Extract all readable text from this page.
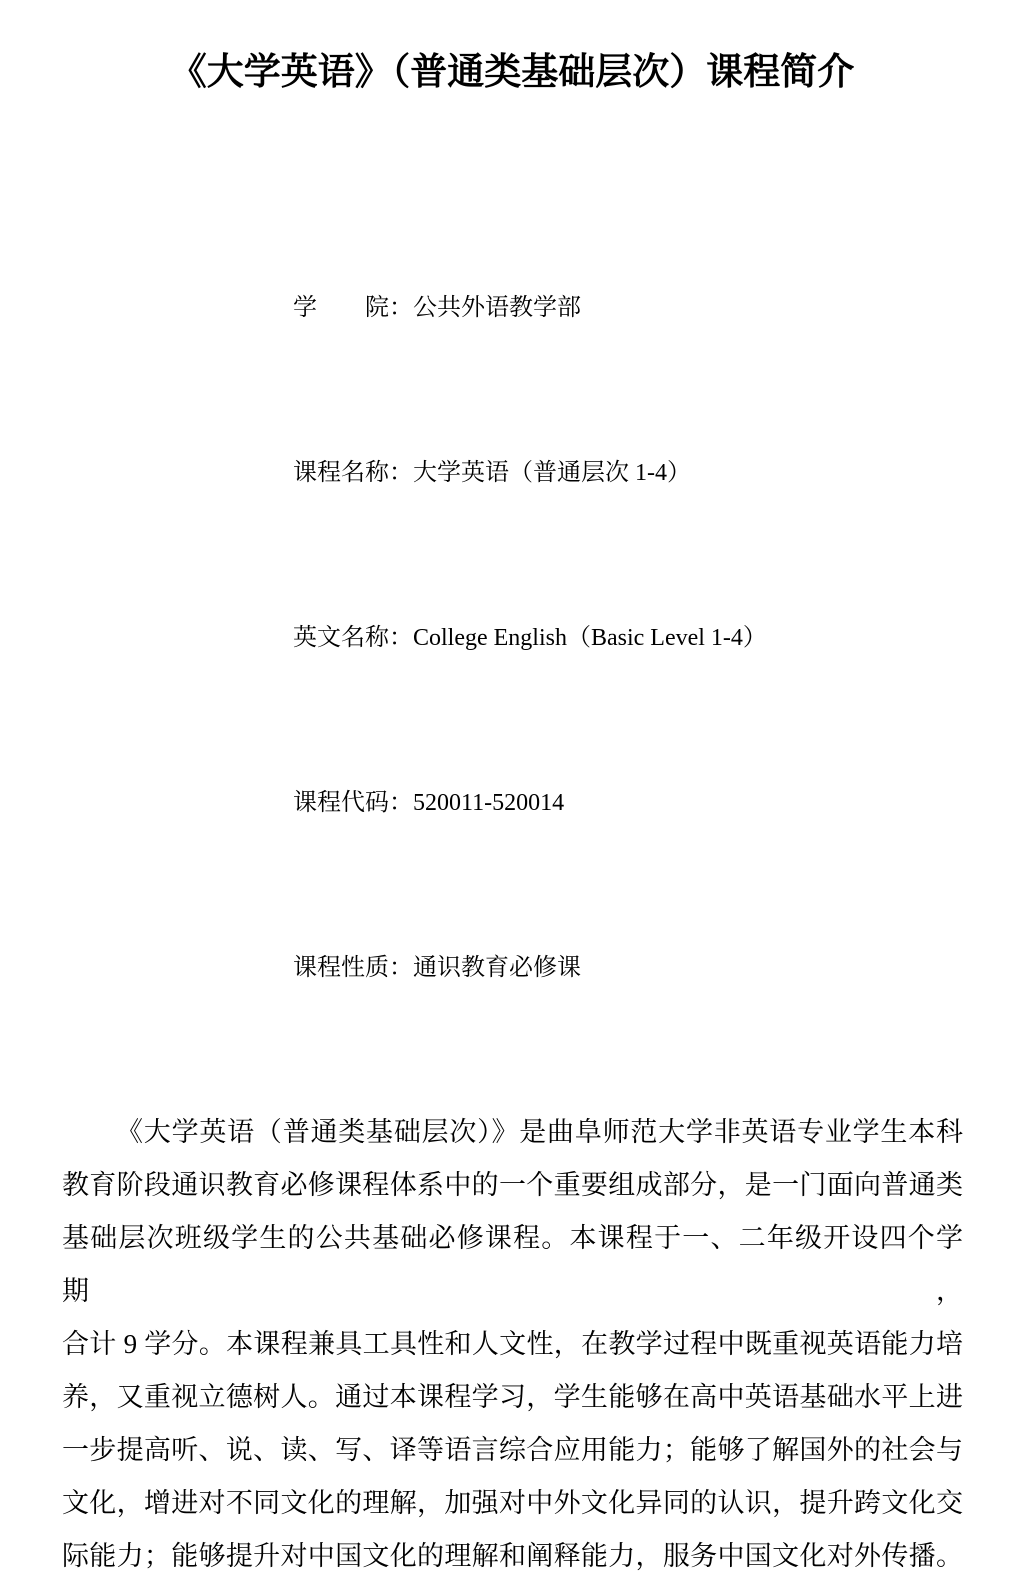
《大学英语》（普通类基础层次）课程简介

学　　院：公共外语教学部

课程名称：大学英语（普通层次 1-4）

英文名称：College English（Basic Level 1-4）

课程代码：520011-520014

课程性质：通识教育必修课

《大学英语（普通类基础层次）》是曲阜师范大学非英语专业学生本科
教育阶段通识教育必修课程体系中的一个重要组成部分，是一门面向普通类
基础层次班级学生的公共基础必修课程。本课程于一、二年级开设四个学期，
合计 9 学分。本课程兼具工具性和人文性，在教学过程中既重视英语能力培
养，又重视立德树人。通过本课程学习，学生能够在高中英语基础水平上进
一步提高听、说、读、写、译等语言综合应用能力；能够了解国外的社会与
文化，增进对不同文化的理解，加强对中外文化异同的认识，提升跨文化交
际能力；能够提升对中国文化的理解和阐释能力，服务中国文化对外传播。
